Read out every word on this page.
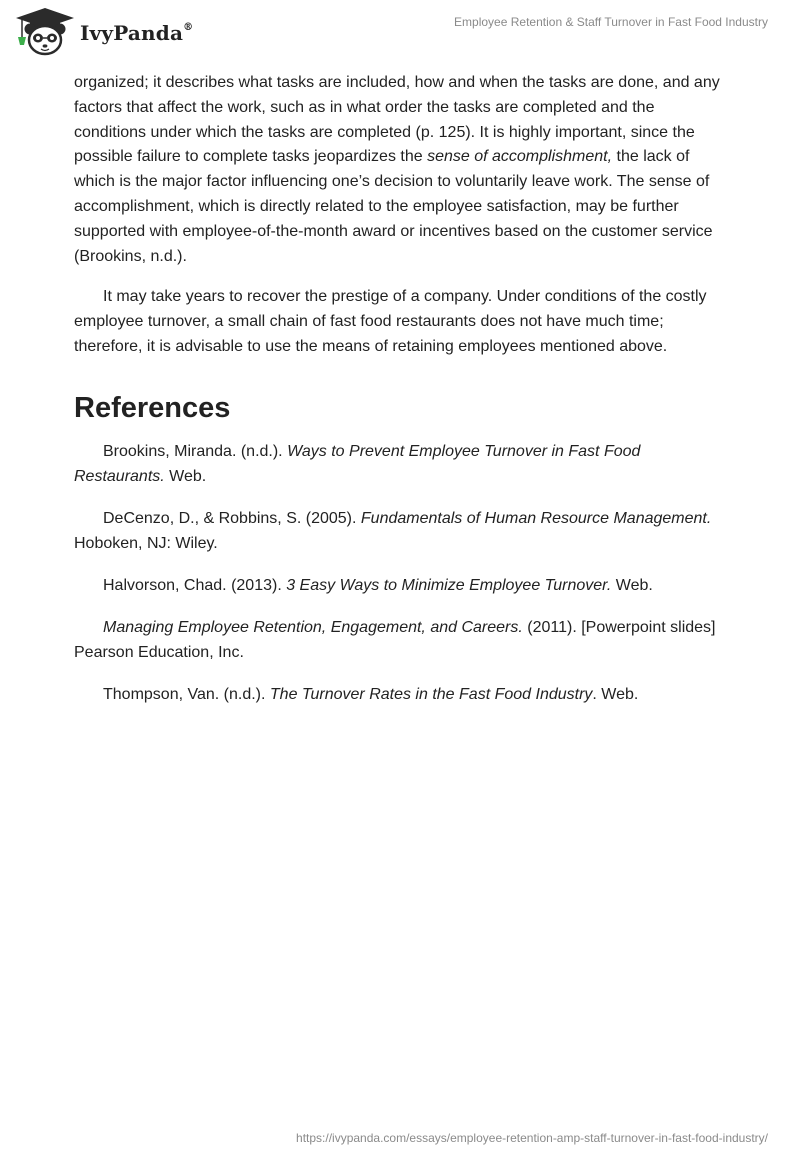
IvyPanda®	Employee Retention & Staff Turnover in Fast Food Industry

organized; it describes what tasks are included, how and when the tasks are done, and any factors that affect the work, such as in what order the tasks are completed and the conditions under which the tasks are completed (p. 125). It is highly important, since the possible failure to complete tasks jeopardizes the sense of accomplishment, the lack of which is the major factor influencing one’s decision to voluntarily leave work. The sense of accomplishment, which is directly related to the employee satisfaction, may be further supported with employee-of-the-month award or incentives based on the customer service (Brookins, n.d.).

It may take years to recover the prestige of a company. Under conditions of the costly employee turnover, a small chain of fast food restaurants does not have much time; therefore, it is advisable to use the means of retaining employees mentioned above.

References

Brookins, Miranda. (n.d.). Ways to Prevent Employee Turnover in Fast Food Restaurants. Web.

DeCenzo, D., & Robbins, S. (2005). Fundamentals of Human Resource Management. Hoboken, NJ: Wiley.

Halvorson, Chad. (2013). 3 Easy Ways to Minimize Employee Turnover. Web.

Managing Employee Retention, Engagement, and Careers. (2011). [Powerpoint slides] Pearson Education, Inc.

Thompson, Van. (n.d.). The Turnover Rates in the Fast Food Industry. Web.

https://ivypanda.com/essays/employee-retention-amp-staff-turnover-in-fast-food-industry/
